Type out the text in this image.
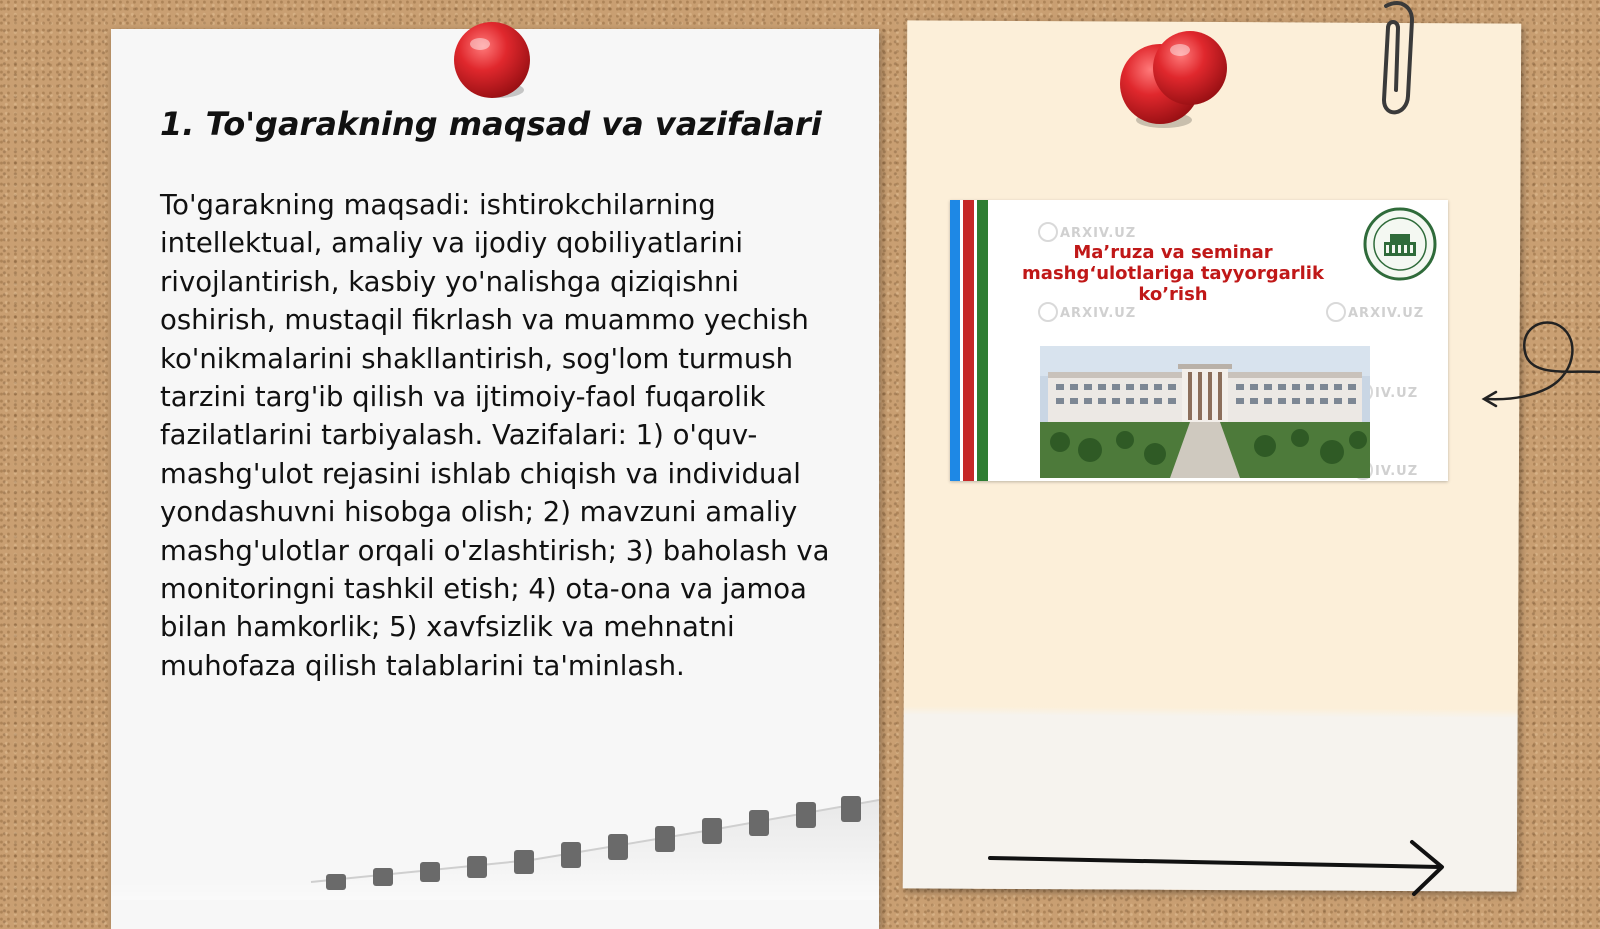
1. To'garakning maqsad va vazifalari

To'garakning maqsadi: ishtirokchilarning intellektual, amaliy va ijodiy qobiliyatlarini rivojlantirish, kasbiy yo'nalishga qiziqishni oshirish, mustaqil fikrlash va muammo yechish ko'nikmalarini shakllantirish, sog'lom turmush tarzini targ'ib qilish va ijtimoiy-faol fuqarolik fazilatlarini tarbiyalash. Vazifalari: 1) o'quv-mashg'ulot rejasini ishlab chiqish va individual yondashuvni hisobga olish; 2) mavzuni amaliy mashg'ulotlar orqali o'zlashtirish; 3) baholash va monitoringni tashkil etish; 4) ota-ona va jamoa bilan hamkorlik; 5) xavfsizlik va mehnatni muhofaza qilish talablarini ta'minlash.

ARXIV.UZ
ARXIV.UZ	ARXIV.UZ
IV.UZ
IV.UZ
Ma’ruza va seminar mashg‘ulotlariga tayyorgarlik ko’rish
